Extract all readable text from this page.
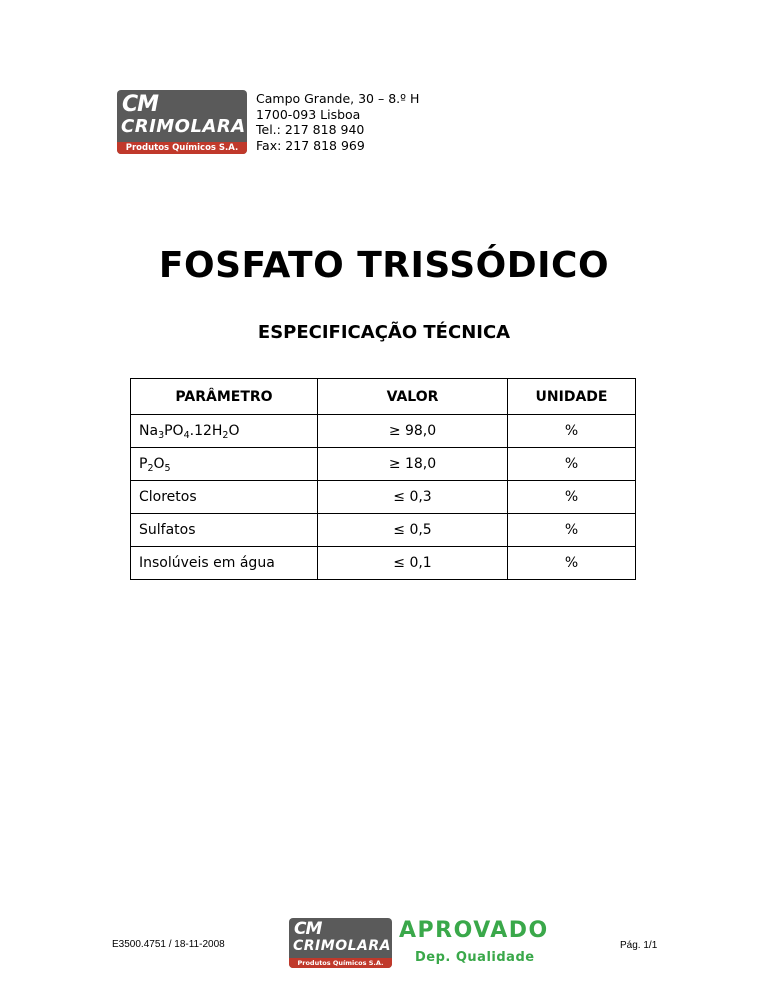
CM
CRIMOLARA
Produtos Químicos S.A.
Campo Grande, 30 – 8.º H
1700-093 Lisboa
Tel.: 217 818 940
Fax: 217 818 969
FOSFATO TRISSÓDICO
ESPECIFICAÇÃO TÉCNICA
PARÂMETRO	VALOR	UNIDADE
$Na_3PO_4.12H_2O$	≥ 98,0	%
$P_2O_5$	≥ 18,0	%
Cloretos	≤ 0,3	%
Sulfatos	≤ 0,5	%
Insolúveis em água	≤ 0,1	%
E3500.4751 / 18-11-2008
CM
CRIMOLARA
Produtos Químicos S.A.
APROVADO
Dep. Qualidade
Pág. 1/1
